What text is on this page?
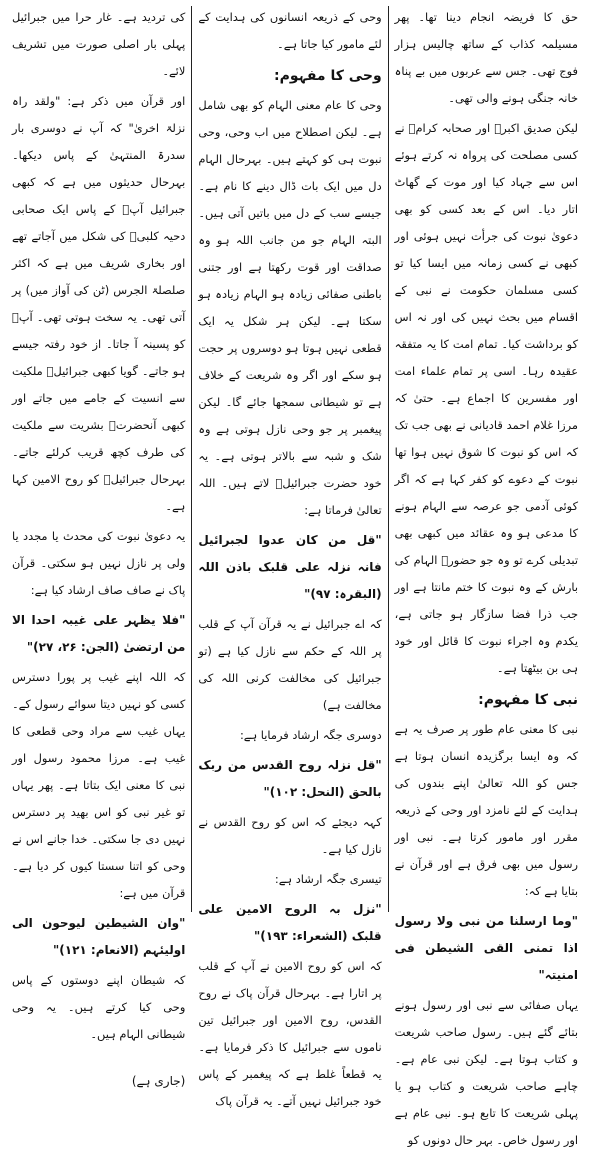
حق کا فریضہ انجام دینا تھا۔ پھر مسیلمہ کذاب کے ساتھ چالیس ہزار فوج تھی۔ جس سے عربوں میں بے پناہ خانہ جنگی ہونے والی تھی۔

لیکن صدیق اکبرؓ اور صحابہ کرامؓ نے کسی مصلحت کی پرواہ نہ کرتے ہوئے اس سے جہاد کیا اور موت کے گھاٹ اتار دیا۔ اس کے بعد کسی کو بھی دعویٰ نبوت کی جرأت نہیں ہوئی اور کبھی نے کسی زمانہ میں ایسا کیا تو کسی مسلمان حکومت نے نبی کے اقسام میں بحث نہیں کی اور نہ اس کو برداشت کیا۔ تمام امت کا یہ متفقہ عقیدہ رہا۔ اسی پر تمام علماء امت اور مفسرین کا اجماع ہے۔ حتیٰ کہ مرزا غلام احمد قادیانی نے بھی جب تک کہ اس کو نبوت کا شوق نہیں ہوا تھا نبوت کے دعوے کو کفر کہا ہے کہ اگر کوئی آدمی جو عرصہ سے الہام ہونے کا مدعی ہو وہ عقائد میں کبھی بھی تبدیلی کرے تو وہ جو حضورؐ الہام کی بارش کے وہ نبوت کا ختم مانتا ہے اور جب ذرا فضا سازگار ہو جاتی ہے، یکدم وہ اجراء نبوت کا قائل اور خود ہی بن بیٹھتا ہے۔

نبی کا مفہوم:

نبی کا معنی عام طور پر صرف یہ ہے کہ وہ ایسا برگزیدہ انسان ہوتا ہے جس کو اللہ تعالیٰ اپنے بندوں کی ہدایت کے لئے نامزد اور وحی کے ذریعہ مقرر اور مامور کرتا ہے۔ نبی اور رسول میں بھی فرق ہے اور قرآن نے بتایا ہے کہ:

"وما ارسلنا من نبی ولا رسول اذا تمنی القی الشیطن فی امنیتہ"

یہاں صفائی سے نبی اور رسول ہونے بتائے گئے ہیں۔ رسول صاحب شریعت و کتاب ہوتا ہے۔ لیکن نبی عام ہے۔ چاہے صاحب شریعت و کتاب ہو یا پہلی شریعت کا تابع ہو۔ نبی عام ہے اور رسول خاص۔ بہر حال دونوں کو

وحی کے ذریعہ انسانوں کی ہدایت کے لئے مامور کیا جاتا ہے۔

وحی کا مفہوم:

وحی کا عام معنی الہام کو بھی شامل ہے۔ لیکن اصطلاح میں اب وحی، وحی نبوت ہی کو کہتے ہیں۔ بہرحال الہام دل میں ایک بات ڈال دینے کا نام ہے۔ جیسے سب کے دل میں باتیں آتی ہیں۔ البتہ الہام جو من جانب اللہ ہو وہ صداقت اور قوت رکھتا ہے اور جتنی باطنی صفائی زیادہ ہو الہام زیادہ ہو سکتا ہے۔ لیکن ہر شکل یہ ایک قطعی نہیں ہوتا ہو دوسروں پر حجت ہو سکے اور اگر وہ شریعت کے خلاف ہے تو شیطانی سمجھا جائے گا۔ لیکن پیغمبر پر جو وحی نازل ہوتی ہے وہ شک و شبہ سے بالاتر ہوتی ہے۔ یہ خود حضرت جبرائیلؑ لاتے ہیں۔ اللہ تعالیٰ فرماتا ہے:

"قل من کان عدوا لجبرائیل فانہ نزلہ علی قلبک باذن اللہ (البقرہ: ۹۷)"

کہ اے جبرائیل نے یہ قرآن آپ کے قلب پر اللہ کے حکم سے نازل کیا ہے (تو جبرائیل کی مخالفت کرنی اللہ کی مخالفت ہے)

دوسری جگہ ارشاد فرمایا ہے:

"قل نزلہ روح القدس من ربک بالحق (النحل: ۱۰۲)"

کہہ دیجئے کہ اس کو روح القدس نے نازل کیا ہے۔

تیسری جگہ ارشاد ہے:

"نزل بہ الروح الامین علی قلبک (الشعراء: ۱۹۳)"

کہ اس کو روح الامین نے آپ کے قلب پر اتارا ہے۔ بہرحال قرآن پاک نے روح القدس، روح الامین اور جبرائیل تین ناموں سے جبرائیل کا ذکر فرمایا ہے۔ یہ قطعاً غلط ہے کہ پیغمبر کے پاس خود جبرائیل نہیں آتے۔ یہ قرآن پاک

کی تردید ہے۔ غار حرا میں جبرائیل پہلی بار اصلی صورت میں تشریف لائے۔

اور قرآن میں ذکر ہے: "ولقد راہ نزلۃ اخریٰ" کہ آپ نے دوسری بار سدرۃ المنتہیٰ کے پاس دیکھا۔ بہرحال حدیثوں میں ہے کہ کبھی جبرائیل آپؐ کے پاس ایک صحابی دحیہ کلبیؓ کی شکل میں آجاتے تھے اور بخاری شریف میں ہے کہ اکثر صلصلۃ الجرس (ٹن کی آواز میں) پر آتی تھی۔ یہ سخت ہوتی تھی۔ آپؐ کو پسینہ آ جاتا۔ از خود رفتہ جیسے ہو جاتے۔ گویا کبھی جبرائیلؑ ملکیت سے انسیت کے جامے میں جاتے اور کبھی آنحضرتؐ بشریت سے ملکیت کی طرف کچھ قریب کرلئے جاتے۔ بہرحال جبرائیلؑ کو روح الامین کہا ہے۔

یہ دعویٰ نبوت کی محدث یا مجدد یا ولی پر نازل نہیں ہو سکتی۔ قرآن پاک نے صاف صاف ارشاد کیا ہے:

"فلا یظہر علی غیبہ احدا الا من ارتضیٰ (الجن: ۲۶، ۲۷)"

کہ اللہ اپنے غیب پر پورا دسترس کسی کو نہیں دیتا سوائے رسول کے۔ یہاں غیب سے مراد وحی قطعی کا غیب ہے۔ مرزا محمود رسول اور نبی کا معنی ایک بتاتا ہے۔ پھر یہاں تو غیر نبی کو اس بھید پر دسترس نہیں دی جا سکتی۔ خدا جانے اس نے وحی کو اتنا سستا کیوں کر دیا ہے۔ قرآن میں ہے:

"وان الشیطین لیوحون الی اولیئہم (الانعام: ۱۲۱)"

کہ شیطان اپنے دوستوں کے پاس وحی کیا کرتے ہیں۔ یہ وحی شیطانی الہام ہیں۔

(جاری ہے)
